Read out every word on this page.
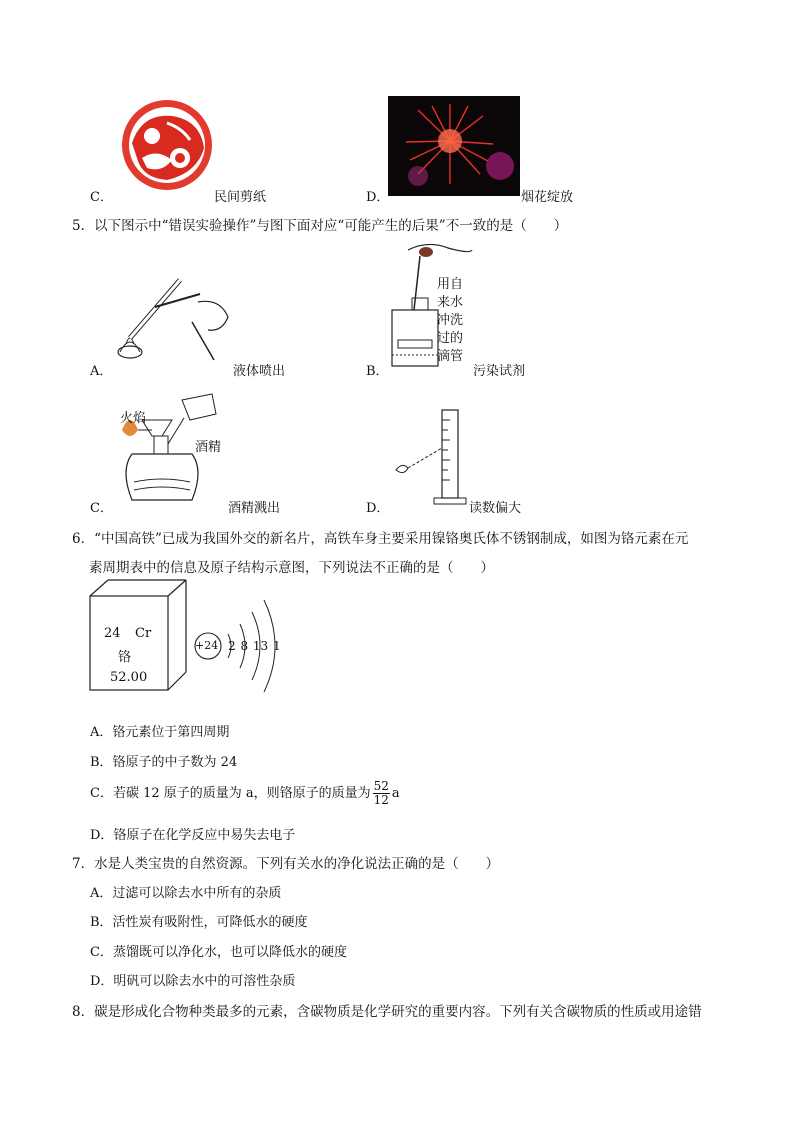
C．	民间剪纸	D．	烟花绽放
5．以下图示中“错误实验操作”与图下面对应“可能产生的后果”不一致的是（　　）
A．	液体喷出
用自
来水
冲洗
过的
滴管
B．	污染试剂
火焰
酒精
C．	酒精溅出	D．	读数偏大
6．“中国高铁”已成为我国外交的新名片，高铁车身主要采用镍铬奥氏体不锈钢制成，如图为铬元素在元
素周期表中的信息及原子结构示意图，下列说法不正确的是（　　）
24 Cr
铬
52.00
+24 2 8 13 1
A．铬元素位于第四周期
B．铬原子的中子数为 24
C．若碳 12 原子的质量为 a，则铬原子的质量为 $\frac{52}{12}$ a
D．铬原子在化学反应中易失去电子
7．水是人类宝贵的自然资源。下列有关水的净化说法正确的是（　　）
A．过滤可以除去水中所有的杂质
B．活性炭有吸附性，可降低水的硬度
C．蒸馏既可以净化水，也可以降低水的硬度
D．明矾可以除去水中的可溶性杂质
8．碳是形成化合物种类最多的元素，含碳物质是化学研究的重要内容。下列有关含碳物质的性质或用途错
